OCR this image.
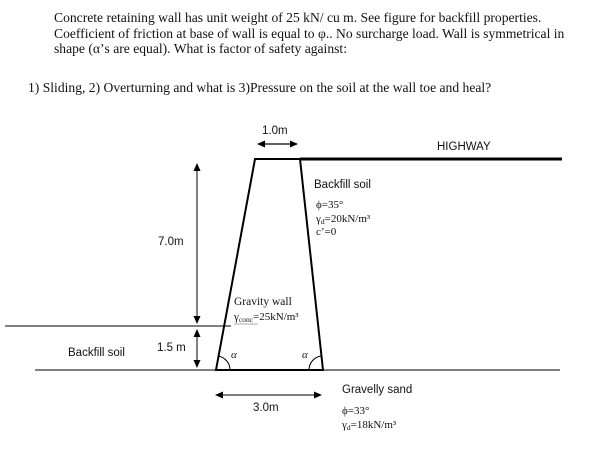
Concrete retaining wall has unit weight of 25 kN/ cu m. See figure for backfill properties. Coefficient of friction at base of wall is equal to φ.. No surcharge load. Wall is symmetrical in shape (α’s are equal). What is factor of safety against:

1) Sliding, 2) Overturning and what is 3)Pressure on the soil at the wall toe and heal?
1.0m
HIGHWAY
Backfill soil
7.0m
Backfill soil	1.5 m
3.0m
Gravelly sand
ϕ=35°
γd=20kN/m³
c’=0
Gravity wall
γconc=25kN/m³
α	α
ϕ=33°
γd=18kN/m³
